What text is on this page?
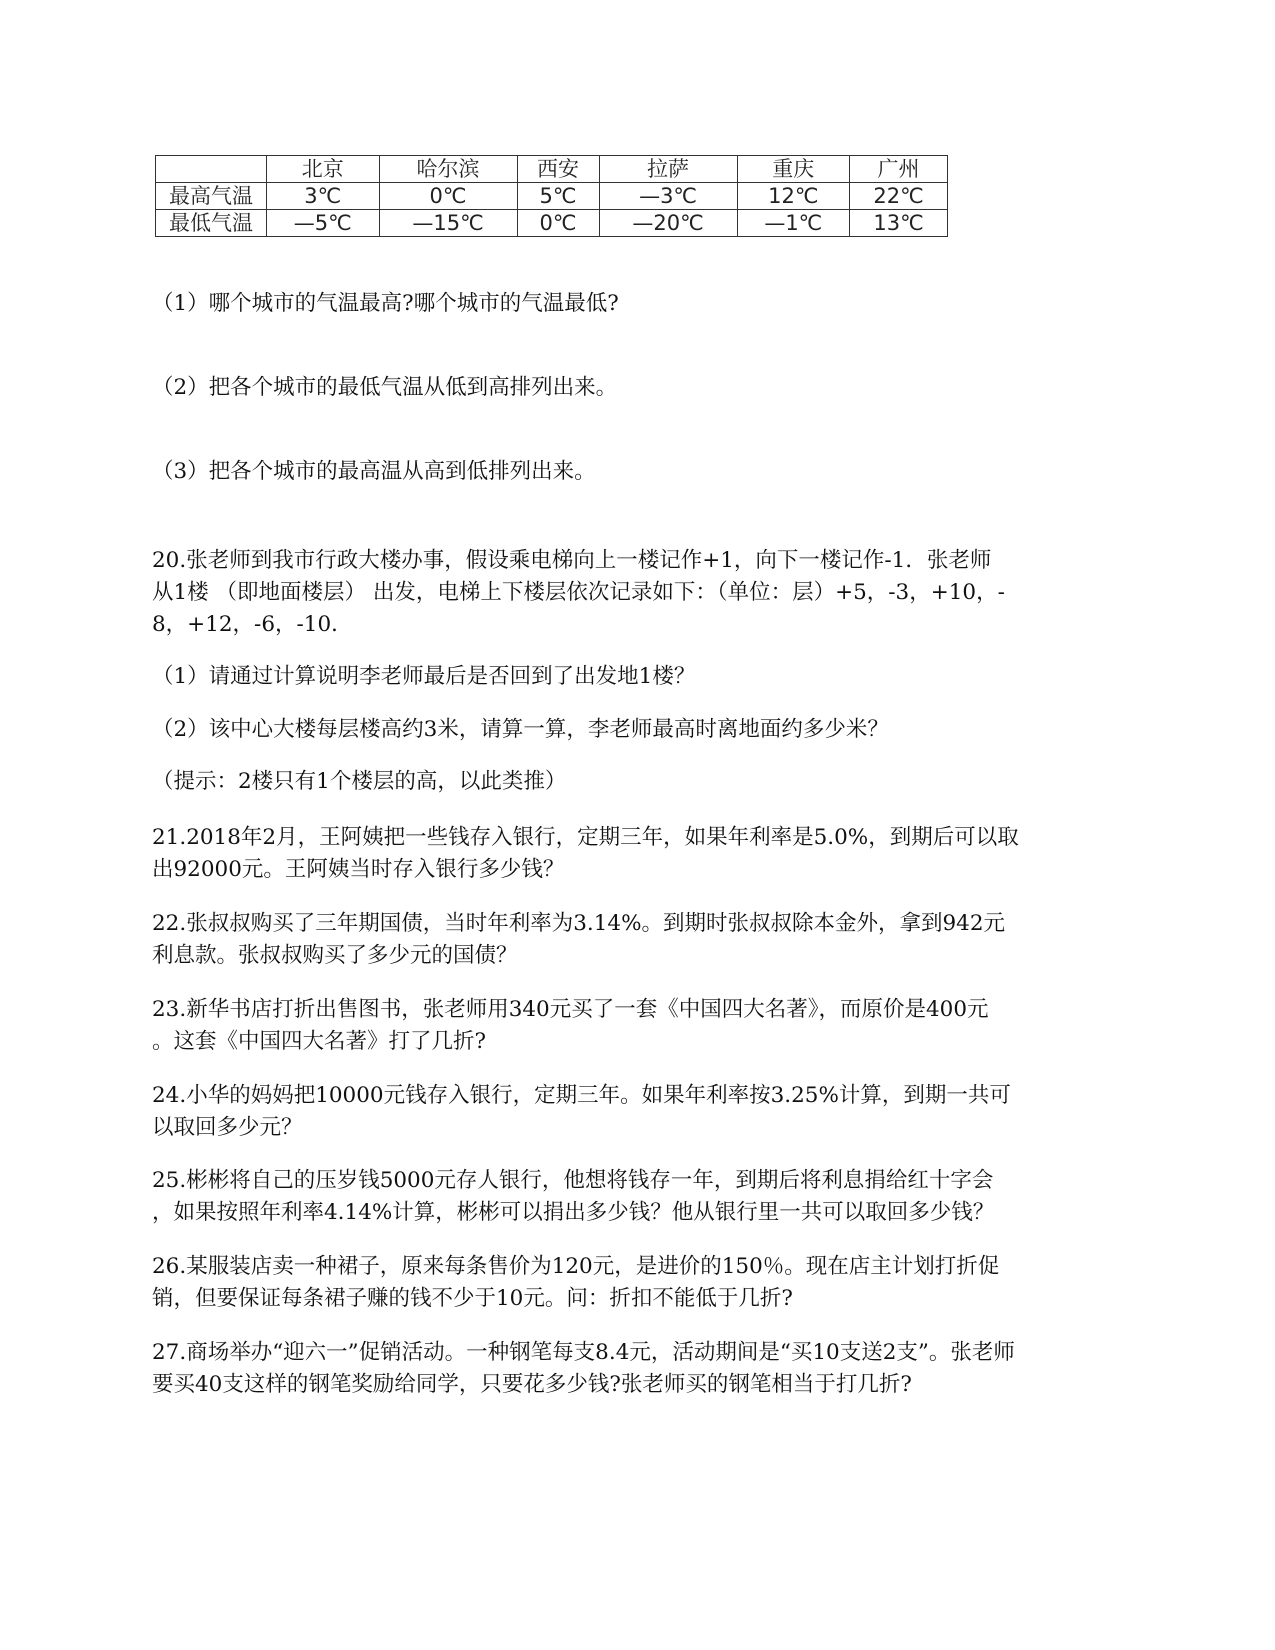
	北京	哈尔滨	西安	拉萨	重庆	广州
最高气温	3℃	0℃	5℃	—3℃	12℃	22℃
最低气温	—5℃	—15℃	0℃	—20℃	—1℃	13℃

（1）哪个城市的气温最高?哪个城市的气温最低?

（2）把各个城市的最低气温从低到高排列出来。

（3）把各个城市的最高温从高到低排列出来。

20.张老师到我市行政大楼办事，假设乘电梯向上一楼记作+1，向下一楼记作-1．张老师

从1楼 （即地面楼层） 出发，电梯上下楼层依次记录如下：（单位：层）+5，-3，+10，-

8，+12，-6，-10．

（1）请通过计算说明李老师最后是否回到了出发地1楼？

（2）该中心大楼每层楼高约3米，请算一算，李老师最高时离地面约多少米？

（提示：2楼只有1个楼层的高，以此类推）

21.2018年2月，王阿姨把一些钱存入银行，定期三年，如果年利率是5.0%，到期后可以取

出92000元。王阿姨当时存入银行多少钱？

22.张叔叔购买了三年期国债，当时年利率为3.14%。到期时张叔叔除本金外，拿到942元

利息款。张叔叔购买了多少元的国债？

23.新华书店打折出售图书，张老师用340元买了一套《中国四大名著》，而原价是400元

。这套《中国四大名著》打了几折?

24.小华的妈妈把10000元钱存入银行，定期三年。如果年利率按3.25%计算，到期一共可

以取回多少元？

25.彬彬将自己的压岁钱5000元存人银行，他想将钱存一年，到期后将利息捐给红十字会

，如果按照年利率4.14%计算，彬彬可以捐出多少钱？他从银行里一共可以取回多少钱？

26.某服装店卖一种裙子，原来每条售价为120元，是进价的150％。现在店主计划打折促

销，但要保证每条裙子赚的钱不少于10元。问：折扣不能低于几折?

27.商场举办“迎六一”促销活动。一种钢笔每支8.4元，活动期间是“买10支送2支”。张老师

要买40支这样的钢笔奖励给同学，只要花多少钱?张老师买的钢笔相当于打几折?
